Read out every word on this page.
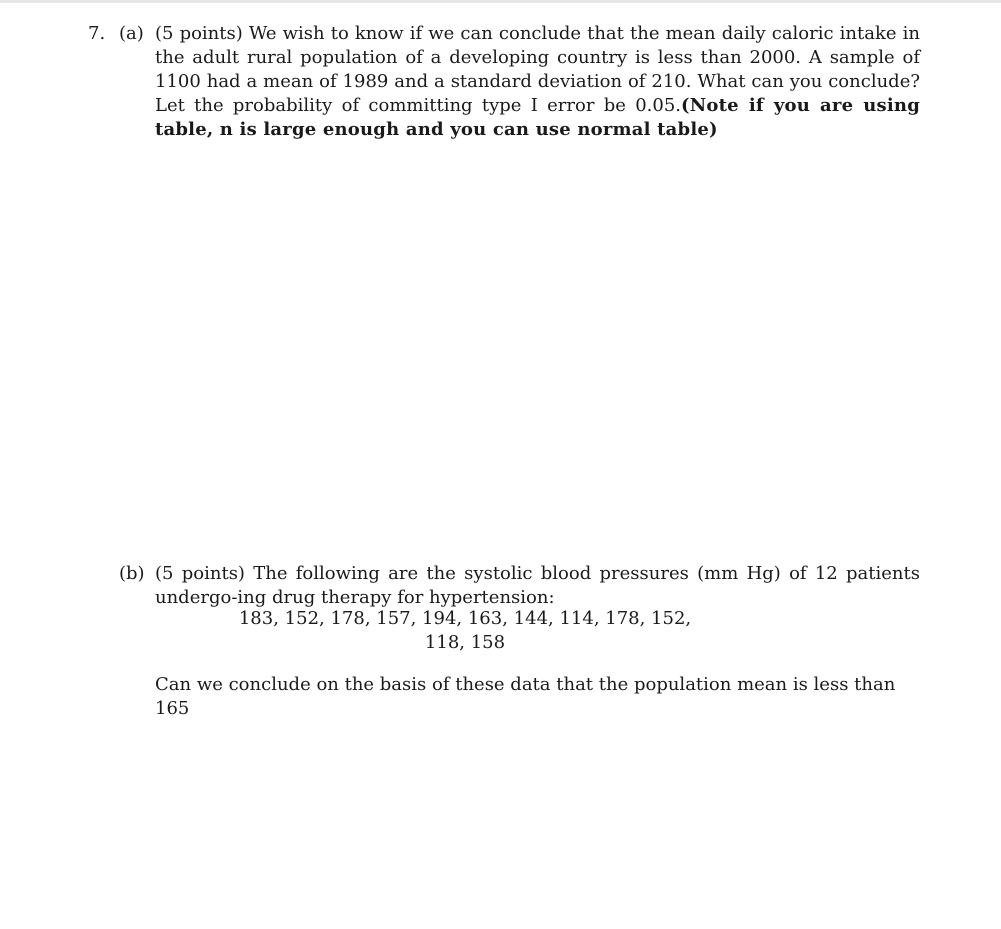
7. (a) (5 points) We wish to know if we can conclude that the mean daily caloric intake in the adult rural population of a developing country is less than 2000. A sample of 1100 had a mean of 1989 and a standard deviation of 210. What can you conclude? Let the probability of committing type I error be 0.05.(Note if you are using table, n is large enough and you can use normal table)
(b) (5 points) The following are the systolic blood pressures (mm Hg) of 12 patients undergo-ing drug therapy for hypertension:
183, 152, 178, 157, 194, 163, 144, 114, 178, 152, 118, 158
Can we conclude on the basis of these data that the population mean is less than 165
